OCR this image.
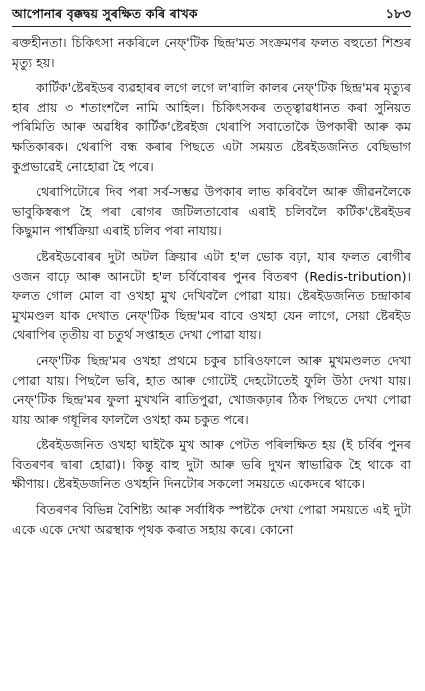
আপোনাৰ বৃক্কদ্বয় সুৰক্ষিত কৰি ৰাখক	১৮৩

ৰক্তহীনতা। চিকিৎসা নকৰিলে নেফ্‌'টিক ছিন্দ্ৰ'মত সংক্ৰমণৰ ফলত বহুতো শিশুৰ মৃত্যু হয়।

কাৰ্টিক'ষ্টেৰইডৰ ব্যৱহাৰৰ লগে লগে ল'ৰালি কালৰ নেফ্‌'টিক ছিন্দ্ৰ'মৰ মৃত্যুৰ হাৰ প্ৰায় ৩ শতাংশলৈ নামি আহিল। চিকিৎসকৰ তত্ত্বাৱধানত কৰা সুনিয়ত পৰিমিতি আৰু অৱধিৰ কাৰ্টিক'ষ্টেৰইজ থেৰাপি সবাতোকৈ উপকাৰী আৰু কম ক্ষতিকাৰক। থেৰাপি বন্ধ কৰাৰ পিছতে এটা সময়ত ষ্টেৰইডজনিত বেছিভাগ কুপ্ৰভাৱেই নোহোৱা হৈ পৰে।

থেৰাপিটোৰে দিব পৰা সৰ্ব-সম্ভৱ উপকাৰ লাভ কৰিবলৈ আৰু জীৱনলৈকে ভাবুকিস্বৰূপ হৈ পৰা ৰোগৰ জটিলতাবোৰ এৰাই চলিবলৈ কৰ্টিক'ষ্টেৰইডৰ কিছুমান পাৰ্শ্বক্ৰিয়া এৰাই চলিব পৰা নাযায়।

ষ্টেৰইডবোৰৰ দুটা অটল ক্ৰিয়াৰ এটা হ'ল ভোক বঢ়া, যাৰ ফলত ৰোগীৰ ওজন বাঢ়ে আৰু আনটো হ'ল চৰ্বিবোৰৰ পুনৰ বিতৰণ (Redis-tribution)। ফলত গোল মোল বা ওখহা মুখ দেখিবলৈ পোৱা যায়। ষ্টেৰইডজনিত চন্দ্ৰাকাৰ মুখমণ্ডল যাক দেখাত নেফ্‌'টিক ছিন্দ্ৰ'মৰ বাবে ওখহা যেন লাগে, সেয়া ষ্টেৰইড থেৰাপিৰ তৃতীয় বা চতুৰ্থ সপ্তাহত দেখা পোৱা যায়।

নেফ্‌'টিক ছিন্দ্ৰ'মৰ ওখহা প্ৰথমে চকুৰ চাৰিওফালে আৰু মুখমণ্ডলত দেখা পোৱা যায়। পিছলৈ ভৰি, হাত আৰু গোটেই দেহটোতেই ফুলি উঠা দেখা যায়। নেফ্‌'টিক ছিন্দ্ৰ'মৰ ফুলা মুখখনি ৰাতিপুৱা, খোজকঢ়াৰ ঠিক পিছতে দেখা পোৱা যায় আৰু গধূলিৰ ফাললৈ ওখহা কম চকুত পৰে।

ষ্টেৰইডজনিত ওখহা ঘাইকৈ মুখ আৰু পেটত পৰিলক্ষিত হয় (ই চৰ্বিৰ পুনৰ বিতৰণৰ দ্বাৰা হোৱা)। কিন্তু বাহু দুটা আৰু ভৰি দুখন স্বাভাৱিক হৈ থাকে বা ক্ষীণায়। ষ্টেৰইডজনিত ওখহনি দিনটোৰ সকলো সময়তে একেদৰে থাকে।

বিতৰণৰ বিভিন্ন বৈশিষ্ট্য আৰু সৰ্বাধিক স্পষ্টকৈ দেখা পোৱা সময়তে এই দুটা একে একে দেখা অৱস্থাক পৃথক কৰাত সহায় কৰে। কোনো
